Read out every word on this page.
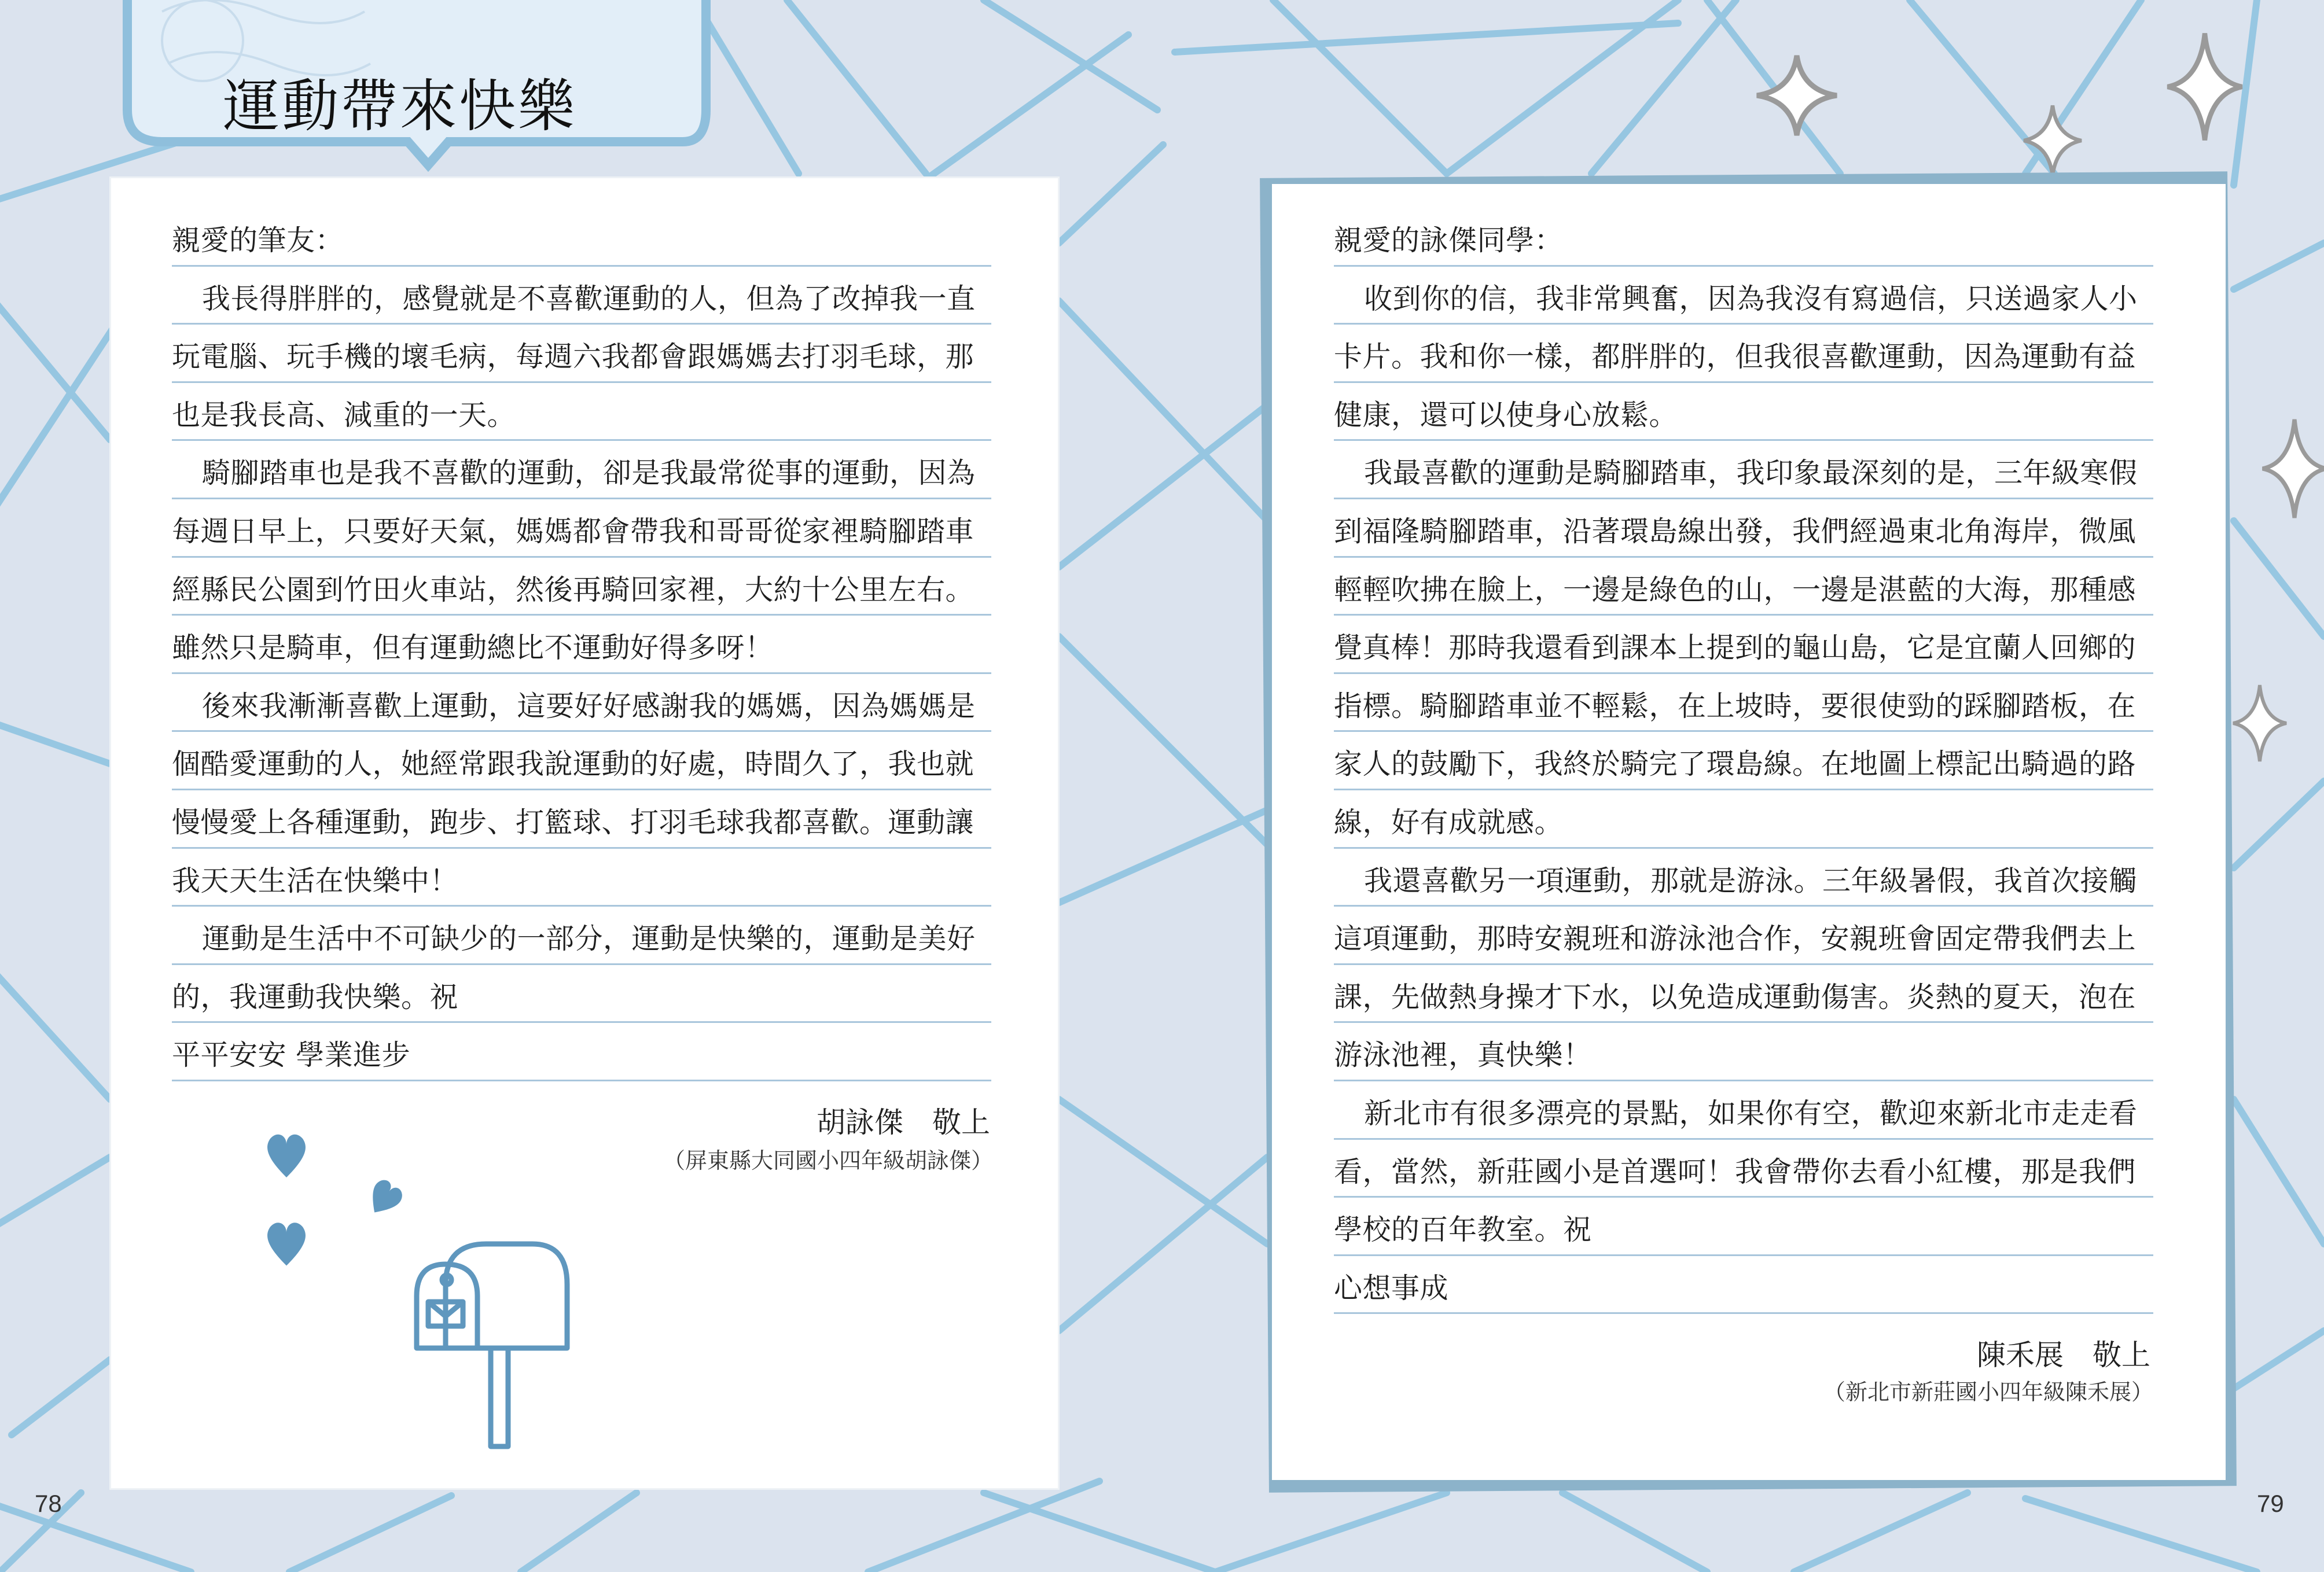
運動帶來快樂
親愛的筆友：
我長得胖胖的，感覺就是不喜歡運動的人，但為了改掉我一直
玩電腦、玩手機的壞毛病，每週六我都會跟媽媽去打羽毛球，那
也是我長高、減重的一天。
騎腳踏車也是我不喜歡的運動，卻是我最常從事的運動，因為
每週日早上，只要好天氣，媽媽都會帶我和哥哥從家裡騎腳踏車
經縣民公園到竹田火車站，然後再騎回家裡，大約十公里左右。
雖然只是騎車，但有運動總比不運動好得多呀！
後來我漸漸喜歡上運動，這要好好感謝我的媽媽，因為媽媽是
個酷愛運動的人，她經常跟我說運動的好處，時間久了，我也就
慢慢愛上各種運動，跑步、打籃球、打羽毛球我都喜歡。運動讓
我天天生活在快樂中！
運動是生活中不可缺少的一部分，運動是快樂的，運動是美好
的，我運動我快樂。祝
平平安安 學業進步
胡詠傑　敬上
（屏東縣大同國小四年級胡詠傑）
親愛的詠傑同學：
收到你的信，我非常興奮，因為我沒有寫過信，只送過家人小
卡片。我和你一樣，都胖胖的，但我很喜歡運動，因為運動有益
健康，還可以使身心放鬆。
我最喜歡的運動是騎腳踏車，我印象最深刻的是，三年級寒假
到福隆騎腳踏車，沿著環島線出發，我們經過東北角海岸，微風
輕輕吹拂在臉上，一邊是綠色的山，一邊是湛藍的大海，那種感
覺真棒！那時我還看到課本上提到的龜山島，它是宜蘭人回鄉的
指標。騎腳踏車並不輕鬆，在上坡時，要很使勁的踩腳踏板，在
家人的鼓勵下，我終於騎完了環島線。在地圖上標記出騎過的路
線，好有成就感。
我還喜歡另一項運動，那就是游泳。三年級暑假，我首次接觸
這項運動，那時安親班和游泳池合作，安親班會固定帶我們去上
課，先做熱身操才下水，以免造成運動傷害。炎熱的夏天，泡在
游泳池裡，真快樂！
新北市有很多漂亮的景點，如果你有空，歡迎來新北市走走看
看，當然，新莊國小是首選呵！我會帶你去看小紅樓，那是我們
學校的百年教室。祝
心想事成
陳禾展　敬上
（新北市新莊國小四年級陳禾展）
78	79
